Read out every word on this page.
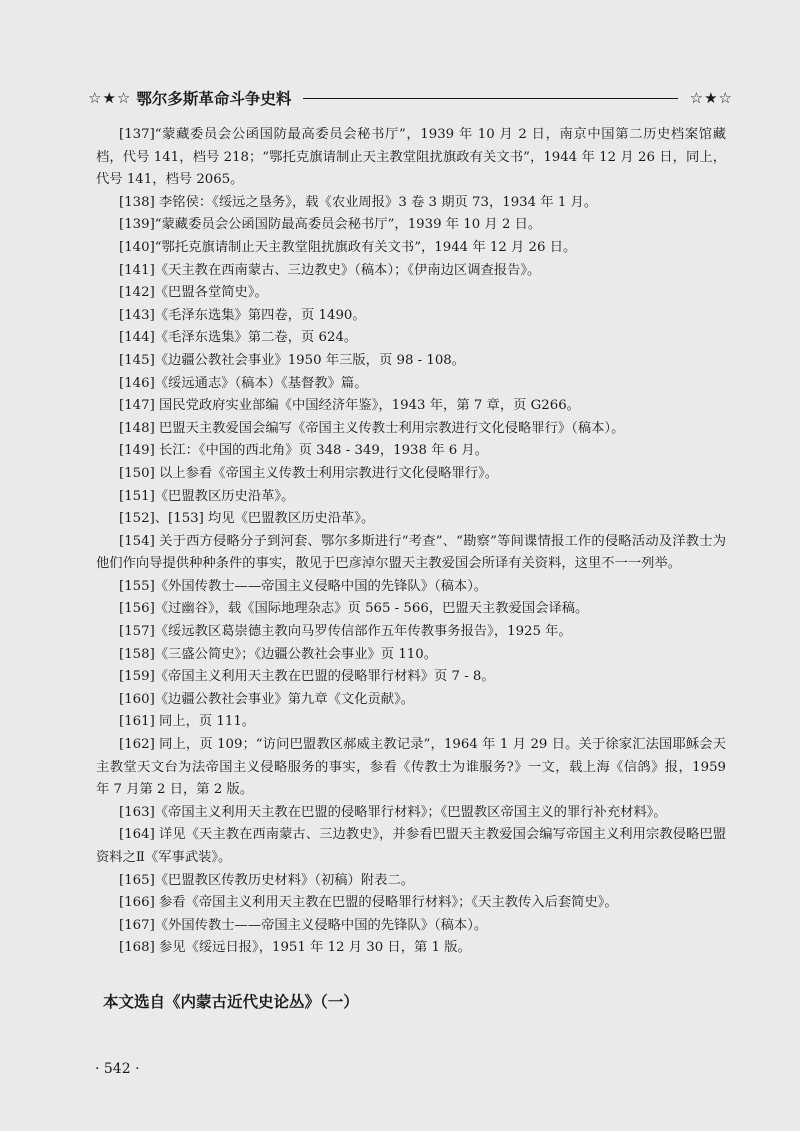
☆★☆ 鄂尔多斯革命斗争史料	☆★☆

[137]“蒙藏委员会公函国防最高委员会秘书厅”，1939 年 10 月 2 日，南京中国第二历史档案馆藏档，代号 141，档号 218；“鄂托克旗请制止天主教堂阻扰旗政有关文书”，1944 年 12 月 26 日，同上，代号 141，档号 2065。

[138] 李铭侯：《绥远之垦务》，载《农业周报》3 卷 3 期页 73，1934 年 1 月。

[139]“蒙藏委员会公函国防最高委员会秘书厅”，1939 年 10 月 2 日。

[140]“鄂托克旗请制止天主教堂阻扰旗政有关文书”，1944 年 12 月 26 日。

[141]《天主教在西南蒙古、三边教史》（稿本）；《伊南边区调查报告》。

[142]《巴盟各堂简史》。

[143]《毛泽东选集》第四卷，页 1490。

[144]《毛泽东选集》第二卷，页 624。

[145]《边疆公教社会事业》1950 年三版，页 98 - 108。

[146]《绥远通志》（稿本）《基督教》篇。

[147] 国民党政府实业部编《中国经济年鉴》，1943 年，第 7 章，页 G266。

[148] 巴盟天主教爱国会编写《帝国主义传教士利用宗教进行文化侵略罪行》（稿本）。

[149] 长江：《中国的西北角》页 348 - 349，1938 年 6 月。

[150] 以上参看《帝国主义传教士利用宗教进行文化侵略罪行》。

[151]《巴盟教区历史沿革》。

[152]、[153] 均见《巴盟教区历史沿革》。

[154] 关于西方侵略分子到河套、鄂尔多斯进行“考查”、“勘察”等间谍情报工作的侵略活动及洋教士为他们作向导提供种种条件的事实，散见于巴彦淖尔盟天主教爱国会所译有关资料，这里不一一列举。

[155]《外国传教士——帝国主义侵略中国的先锋队》（稿本）。

[156]《过幽谷》，载《国际地理杂志》页 565 - 566，巴盟天主教爱国会译稿。

[157]《绥远教区葛崇德主教向马罗传信部作五年传教事务报告》，1925 年。

[158]《三盛公简史》；《边疆公教社会事业》页 110。

[159]《帝国主义利用天主教在巴盟的侵略罪行材料》页 7 - 8。

[160]《边疆公教社会事业》第九章《文化贡献》。

[161] 同上，页 111。

[162] 同上，页 109；“访问巴盟教区郝威主教记录”，1964 年 1 月 29 日。关于徐家汇法国耶稣会天主教堂天文台为法帝国主义侵略服务的事实，参看《传教士为谁服务?》一文，载上海《信鸽》报，1959 年 7 月第 2 日，第 2 版。

[163]《帝国主义利用天主教在巴盟的侵略罪行材料》；《巴盟教区帝国主义的罪行补充材料》。

[164] 详见《天主教在西南蒙古、三边教史》，并参看巴盟天主教爱国会编写帝国主义利用宗教侵略巴盟资料之Ⅱ《军事武装》。

[165]《巴盟教区传教历史材料》（初稿）附表二。

[166] 参看《帝国主义利用天主教在巴盟的侵略罪行材料》；《天主教传入后套简史》。

[167]《外国传教士——帝国主义侵略中国的先锋队》（稿本）。

[168] 参见《绥远日报》，1951 年 12 月 30 日，第 1 版。

本文选自《内蒙古近代史论丛》（一）
· 542 ·
